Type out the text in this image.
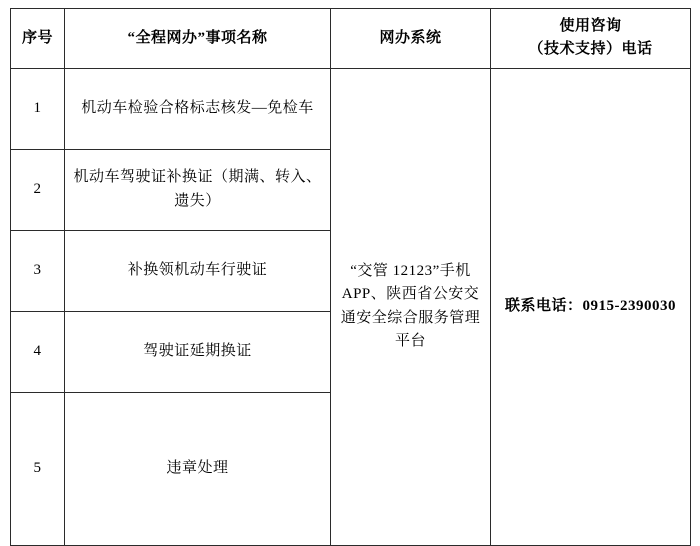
序号	“全程网办”事项名称	网办系统	使用咨询
（技术支持）电话

1	机动车检验合格标志核发—免检车	“交管 12123”手机 APP、陕西省公安交通安全综合服务管理平台	联系电话：0915-2390030
2	机动车驾驶证补换证（期满、转入、遗失）		
3	补换领机动车行驶证		
4	驾驶证延期换证		
5	违章处理		
